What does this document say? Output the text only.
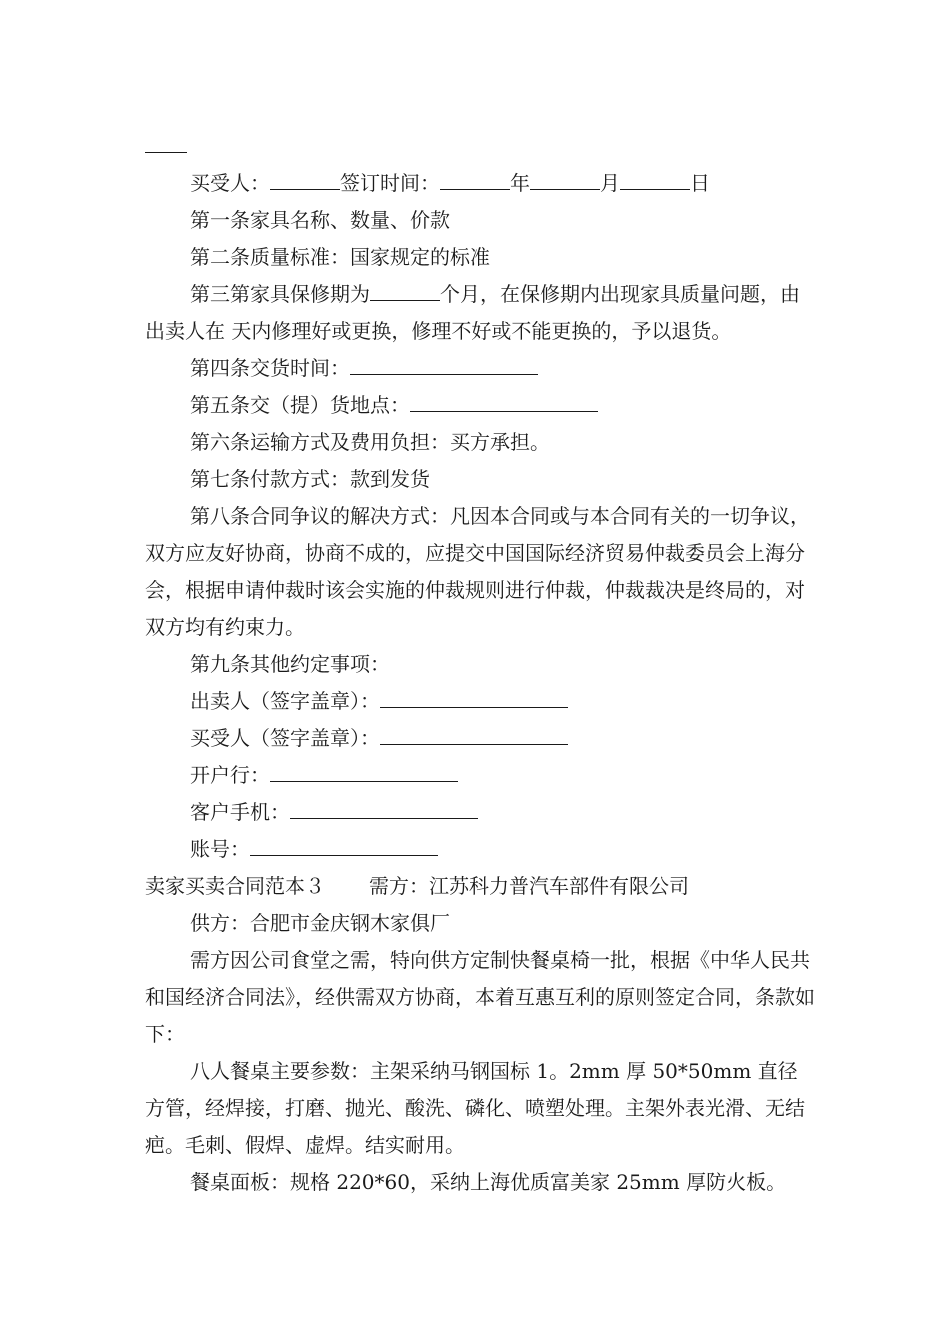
买受人：	签订时间：	年	月	日
第一条家具名称、数量、价款
第二条质量标准：国家规定的标准
第三第家具保修期为	个月，在保修期内出现家具质量问题，由出卖人在 天内修理好或更换，修理不好或不能更换的，予以退货。
第四条交货时间：
第五条交（提）货地点：
第六条运输方式及费用负担：买方承担。
第七条付款方式：款到发货
第八条合同争议的解决方式：凡因本合同或与本合同有关的一切争议，双方应友好协商，协商不成的，应提交中国国际经济贸易仲裁委员会上海分会，根据申请仲裁时该会实施的仲裁规则进行仲裁，仲裁裁决是终局的，对双方均有约束力。
第九条其他约定事项：
出卖人（签字盖章）：
买受人（签字盖章）：
开户行：
客户手机：
账号：
卖家买卖合同范本３ 需方：江苏科力普汽车部件有限公司
供方：合肥市金庆钢木家俱厂
需方因公司食堂之需，特向供方定制快餐桌椅一批，根据《中华人民共和国经济合同法》，经供需双方协商，本着互惠互利的原则签定合同，条款如下：
八人餐桌主要参数：主架采纳马钢国标 1。2mm 厚 50*50mm 直径方管，经焊接，打磨、抛光、酸洗、磷化、喷塑处理。主架外表光滑、无结疤。毛刺、假焊、虚焊。结实耐用。
餐桌面板：规格 220*60，采纳上海优质富美家 25mm 厚防火板。
